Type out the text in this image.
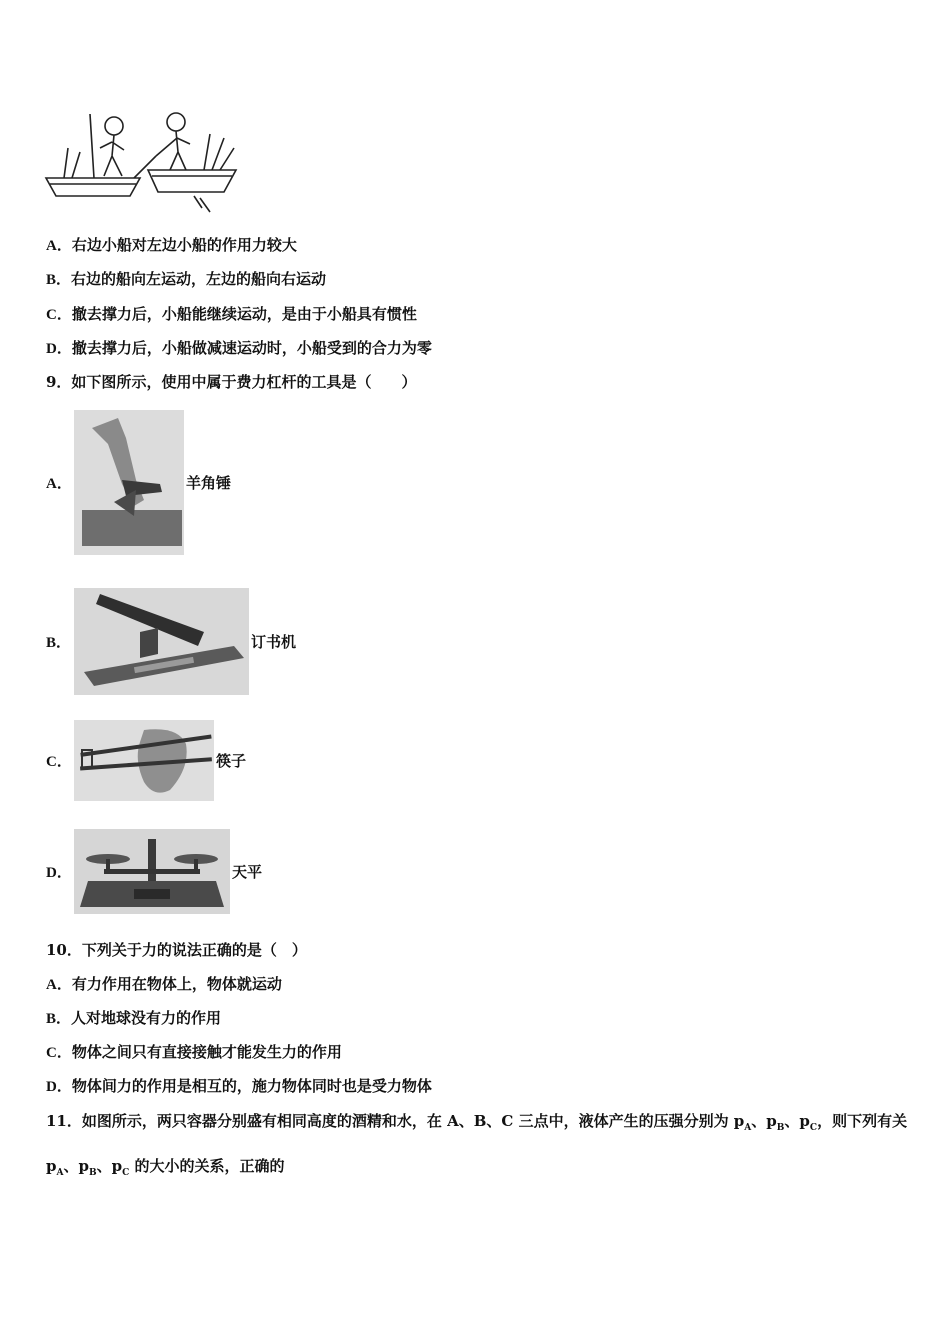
A．右边小船对左边小船的作用力较大
B．右边的船向左运动，左边的船向右运动
C．撤去撑力后，小船能继续运动，是由于小船具有惯性
D．撤去撑力后，小船做减速运动时，小船受到的合力为零
9．如下图所示，使用中属于费力杠杆的工具是（　　）
A．	羊角锤
B．	订书机
C．	筷子
D．	天平
10．下列关于力的说法正确的是（　）
A．有力作用在物体上，物体就运动
B．人对地球没有力的作用
C．物体之间只有直接接触才能发生力的作用
D．物体间力的作用是相互的，施力物体同时也是受力物体
11．如图所示，两只容器分别盛有相同高度的酒精和水，在 A、B、C 三点中，液体产生的压强分别为 $p_A$、$p_B$、$p_C$，则下列有关 $p_A$、$p_B$、$p_C$ 的大小的关系，正确的
